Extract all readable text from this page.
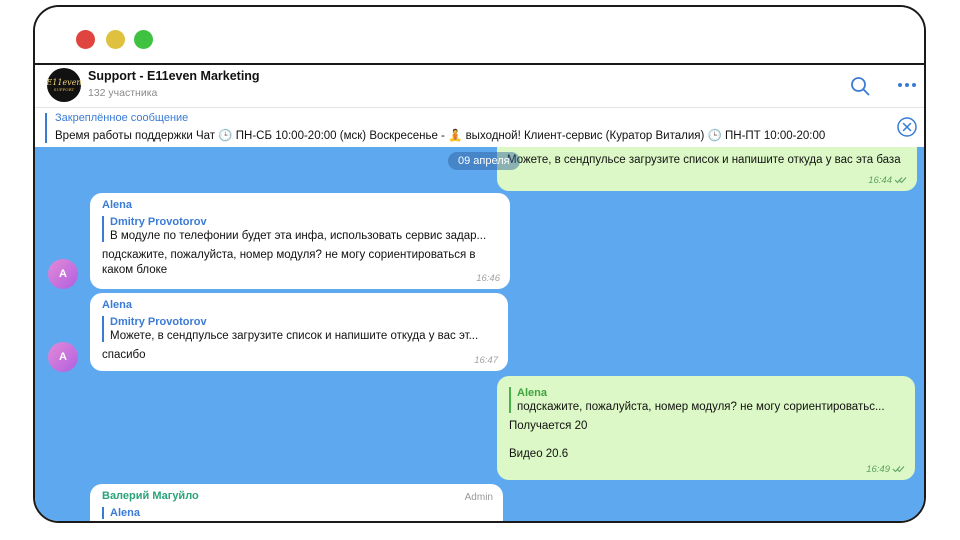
E11even
SUPPORT
Support - E11even Marketing
132 участника
Закреплённое сообщение
Время работы поддержки Чат 🕒 ПН-СБ 10:00-20:00 (мск) Воскресенье - 🧘 выходной! Клиент-сервис (Куратор Виталия) 🕒 ПН-ПТ 10:00-20:00
Можете, в сендпульсе загрузите список и напишите откуда у вас эта база
16:44
09 апреля
A
Alena
Dmitry Provotorov
В модуле по телефонии будет эта инфа, использовать сервис задар...
подскажите, пожалуйста, номер модуля? не могу сориентироваться в каком блоке
16:46
A
Alena
Dmitry Provotorov
Можете, в сендпульсе загрузите список и напишите откуда у вас эт...
спасибо	16:47
Alena
подскажите, пожалуйста, номер модуля? не могу сориентироватьс...
Получается 20
Видео 20.6
16:49
Валерий Магуйло	Admin
Alena
